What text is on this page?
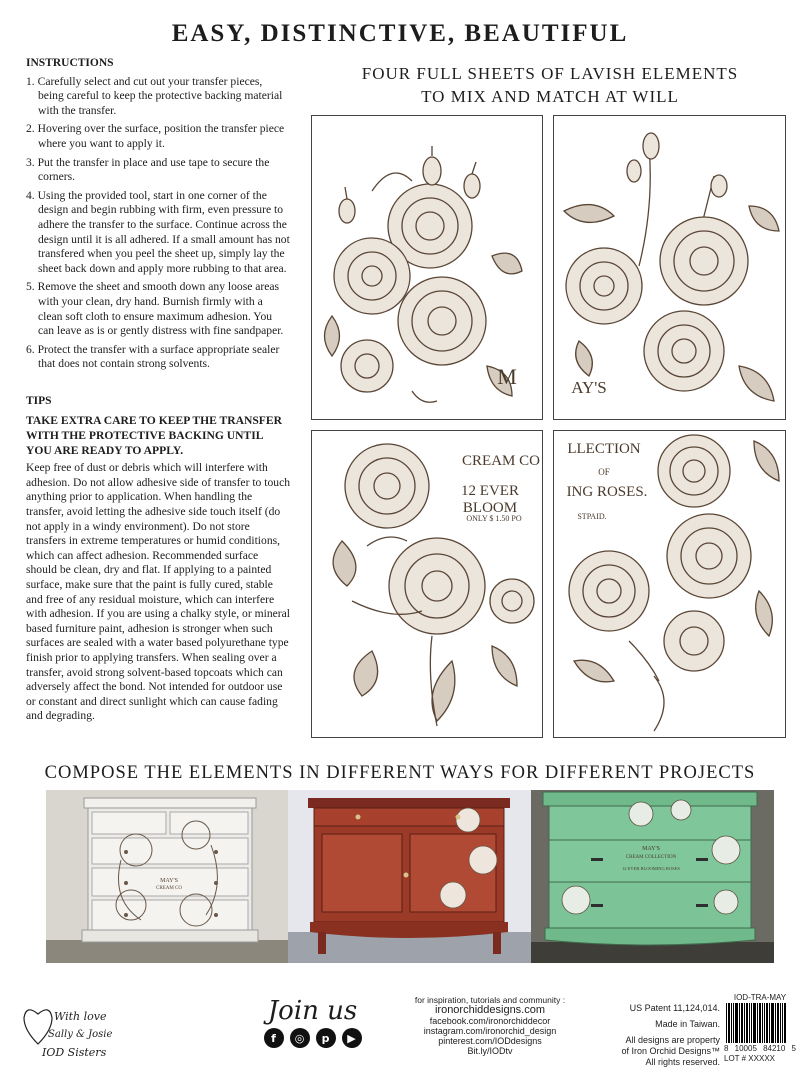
EASY, DISTINCTIVE, BEAUTIFUL
INSTRUCTIONS
1. Carefully select and cut out your transfer pieces, being careful to keep the protective backing material with the transfer.
2. Hovering over the surface, position the transfer piece where you want to apply it.
3. Put the transfer in place and use tape to secure the corners.
4. Using the provided tool, start in one corner of the design and begin rubbing with firm, even pressure to adhere the transfer to the surface. Continue across the design until it is all adhered. If a small amount has not transfered when you peel the sheet up, simply lay the sheet back down and apply more rubbing to that area.
5. Remove the sheet and smooth down any loose areas with your clean, dry hand. Burnish firmly with a clean soft cloth to ensure maximum adhesion. You can leave as is or gently distress with fine sandpaper.
6. Protect the transfer with a surface appropriate sealer that does not contain strong solvents.
TIPS
TAKE EXTRA CARE TO KEEP THE TRANSFER WITH THE PROTECTIVE BACKING UNTIL YOU ARE READY TO APPLY.
Keep free of dust or debris which will interfere with adhesion. Do not allow adhesive side of transfer to touch anything prior to application. When handling the transfer, avoid letting the adhesive side touch itself (do not apply in a windy environment). Do not store transfers in extreme temperatures or humid conditions, which can affect adhesion. Recommended surface should be clean, dry and flat. If applying to a painted surface, make sure that the paint is fully cured, stable and free of any residual moisture, which can interfere with adhesion. If you are using a chalky style, or mineral based furniture paint, adhesion is stronger when such surfaces are sealed with a water based polyurethane type finish prior to applying transfers. When sealing over a transfer, avoid strong solvent-based topcoats which can adversely affect the bond. Not intended for outdoor use or constant and direct sunlight which can cause fading and degrading.
FOUR FULL SHEETS OF LAVISH ELEMENTS
TO MIX AND MATCH AT WILL
M	AY'S
CREAM CO
12 EVER BLOOM
ONLY $ 1.50 PO
LLECTION
OF
ING ROSES.
STPAID.
COMPOSE THE ELEMENTS IN DIFFERENT WAYS FOR DIFFERENT PROJECTS
MAY'S
CREAM CO
MAY'S
CREAM COLLECTION
12 EVER BLOOMING ROSES
With love
Sally & Josie
IOD Sisters
Join us
f	◎	p	▶
for inspiration, tutorials and community :
ironorchiddesigns.com
facebook.com/ironorchiddecor
instagram.com/ironorchid_design
pinterest.com/IODdesigns
Bit.ly/IODtv
US Patent 11,124,014.
Made in Taiwan.
All designs are property
of Iron Orchid Designs™
All rights reserved.
IOD-TRA-MAY
8 10005 84210 5
LOT # XXXXX
